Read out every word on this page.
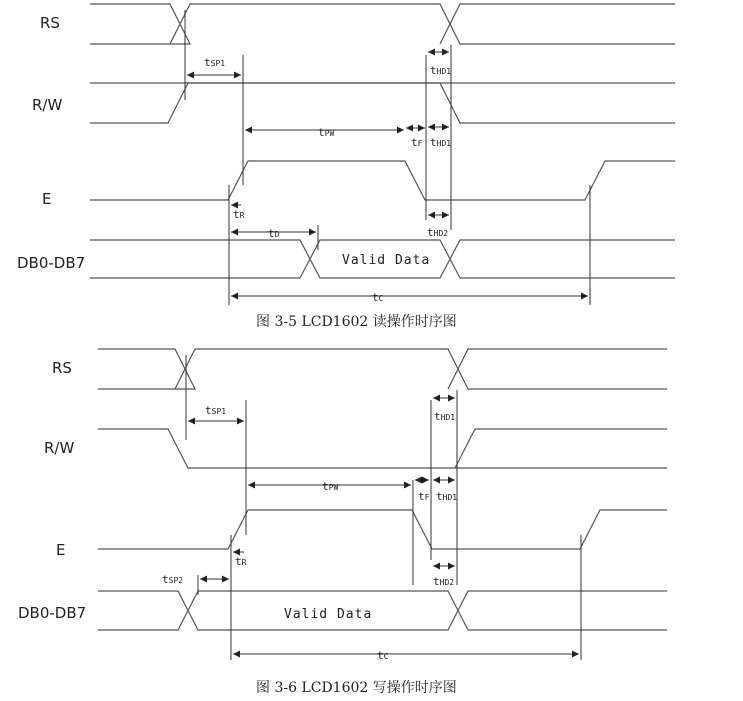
RS
R/W
E
DB0-DB7	Valid Data
tSP1
tHD1
tPW
tF tHD1
tR
tD	tHD2
tC
图 3-5 LCD1602 读操作时序图
RS
R/W
E
DB0-DB7	Valid Data
tSP1	tHD1
tPW
tF tHD1
tR
tSP2	tHD2
tC
图 3-6 LCD1602 写操作时序图
